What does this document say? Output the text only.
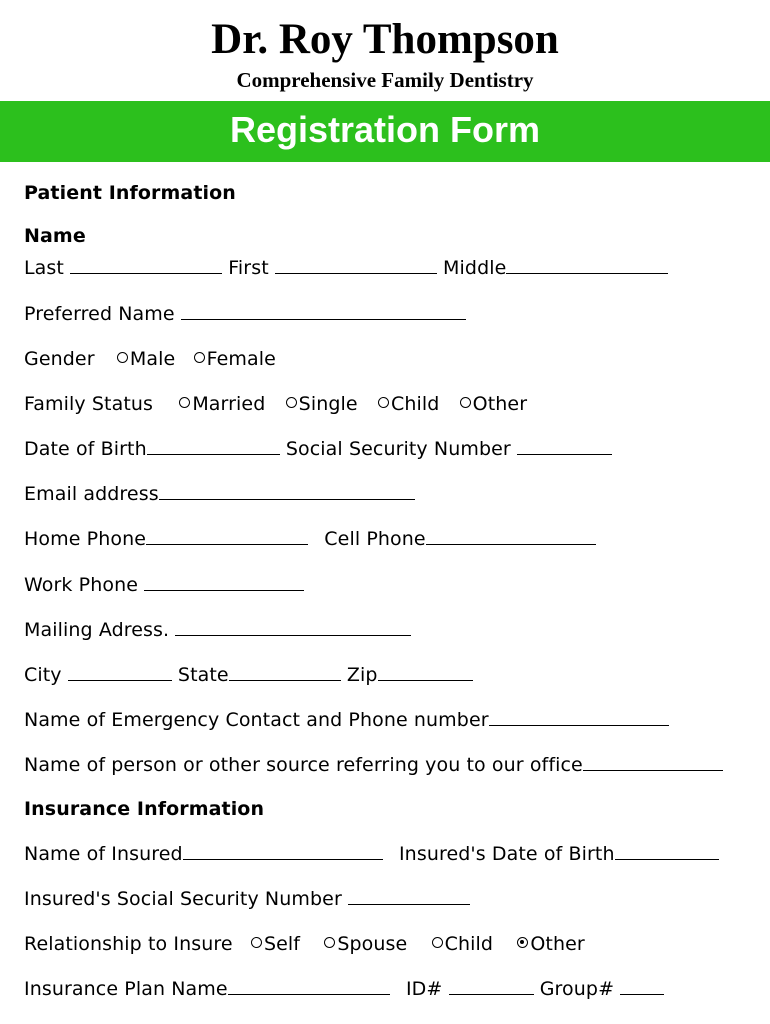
Dr. Roy Thompson
Comprehensive Family Dentistry
Registration Form
Patient Information
Name
Last	First	Middle
Preferred Name
Gender Male Female
Family Status Married Single Child Other
Date of Birth	Social Security Number
Email address
Home Phone	Cell Phone
Work Phone
Mailing Adress.
City	State	Zip
Name of Emergency Contact and Phone number
Name of person or other source referring you to our office
Insurance Information
Name of Insured	Insured's Date of Birth
Insured's Social Security Number
Relationship to Insure Self Spouse Child Other
Insurance Plan Name	ID#	Group#
